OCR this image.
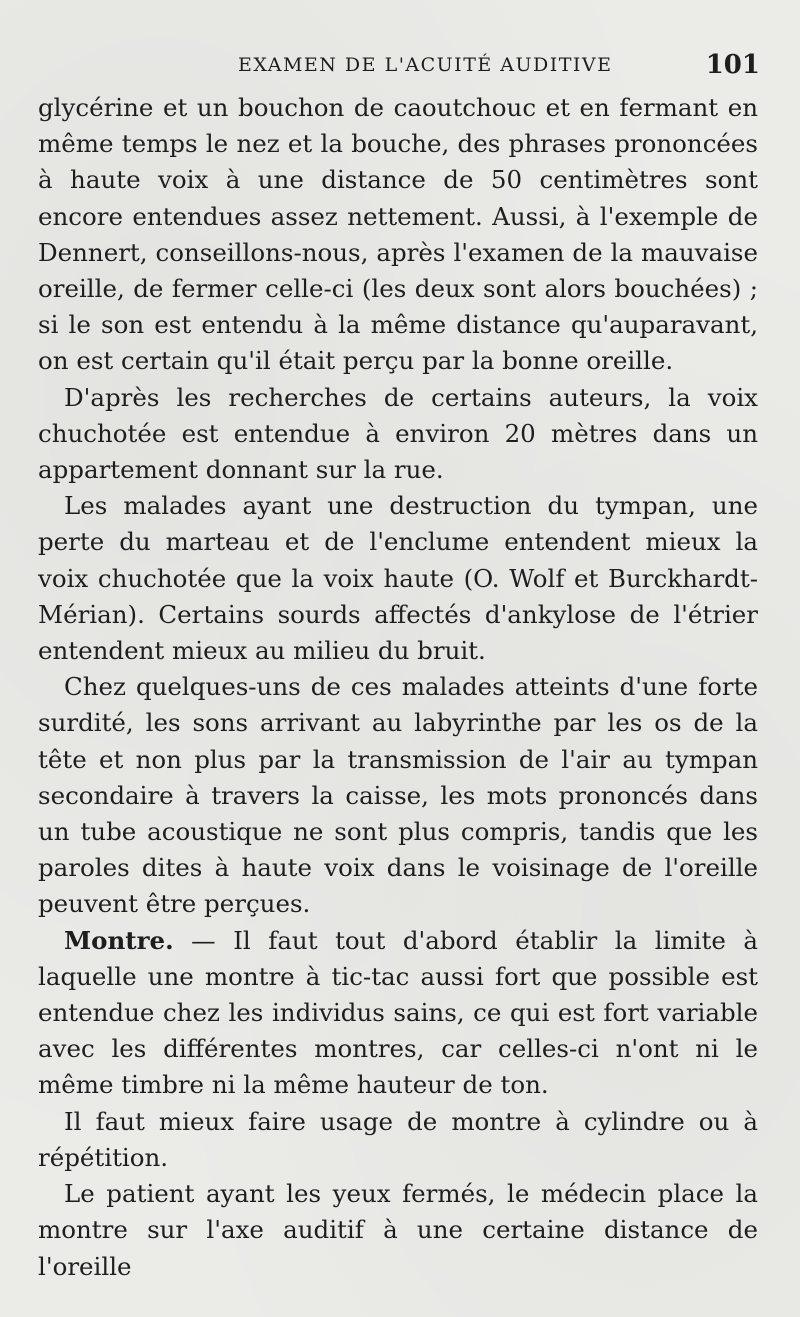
EXAMEN DE L'ACUITÉ AUDITIVE	101

glycérine et un bouchon de caoutchouc et en fermant en même temps le nez et la bouche, des phrases prononcées à haute voix à une distance de 50 centimètres sont encore entendues assez nettement. Aussi, à l'exemple de Dennert, conseillons-nous, après l'examen de la mauvaise oreille, de fermer celle-ci (les deux sont alors bouchées) ; si le son est entendu à la même distance qu'auparavant, on est certain qu'il était perçu par la bonne oreille.

D'après les recherches de certains auteurs, la voix chuchotée est entendue à environ 20 mètres dans un appartement donnant sur la rue.

Les malades ayant une destruction du tympan, une perte du marteau et de l'enclume entendent mieux la voix chuchotée que la voix haute (O. Wolf et Burckhardt-Mérian). Certains sourds affectés d'ankylose de l'étrier entendent mieux au milieu du bruit.

Chez quelques-uns de ces malades atteints d'une forte surdité, les sons arrivant au labyrinthe par les os de la tête et non plus par la transmission de l'air au tympan secondaire à travers la caisse, les mots prononcés dans un tube acoustique ne sont plus compris, tandis que les paroles dites à haute voix dans le voisinage de l'oreille peuvent être perçues.

Montre. — Il faut tout d'abord établir la limite à laquelle une montre à tic-tac aussi fort que possible est entendue chez les individus sains, ce qui est fort variable avec les différentes montres, car celles-ci n'ont ni le même timbre ni la même hauteur de ton.

Il faut mieux faire usage de montre à cylindre ou à répétition.

Le patient ayant les yeux fermés, le médecin place la montre sur l'axe auditif à une certaine distance de l'oreille
